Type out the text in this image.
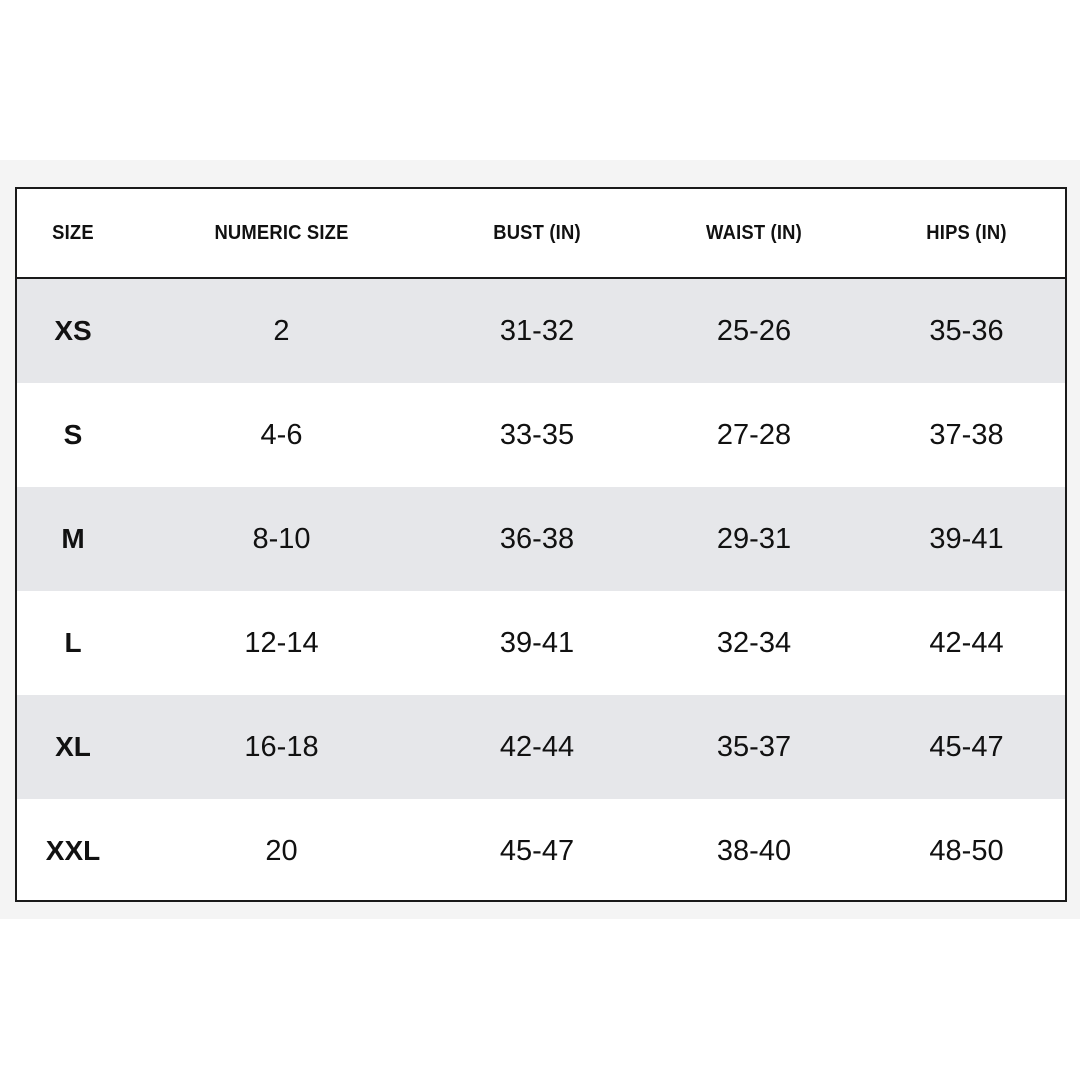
SIZE	NUMERIC SIZE	BUST (IN)	WAIST (IN)	HIPS (IN)
XS	2	31-32	25-26	35-36
S	4-6	33-35	27-28	37-38
M	8-10	36-38	29-31	39-41
L	12-14	39-41	32-34	42-44
XL	16-18	42-44	35-37	45-47
XXL	20	45-47	38-40	48-50
